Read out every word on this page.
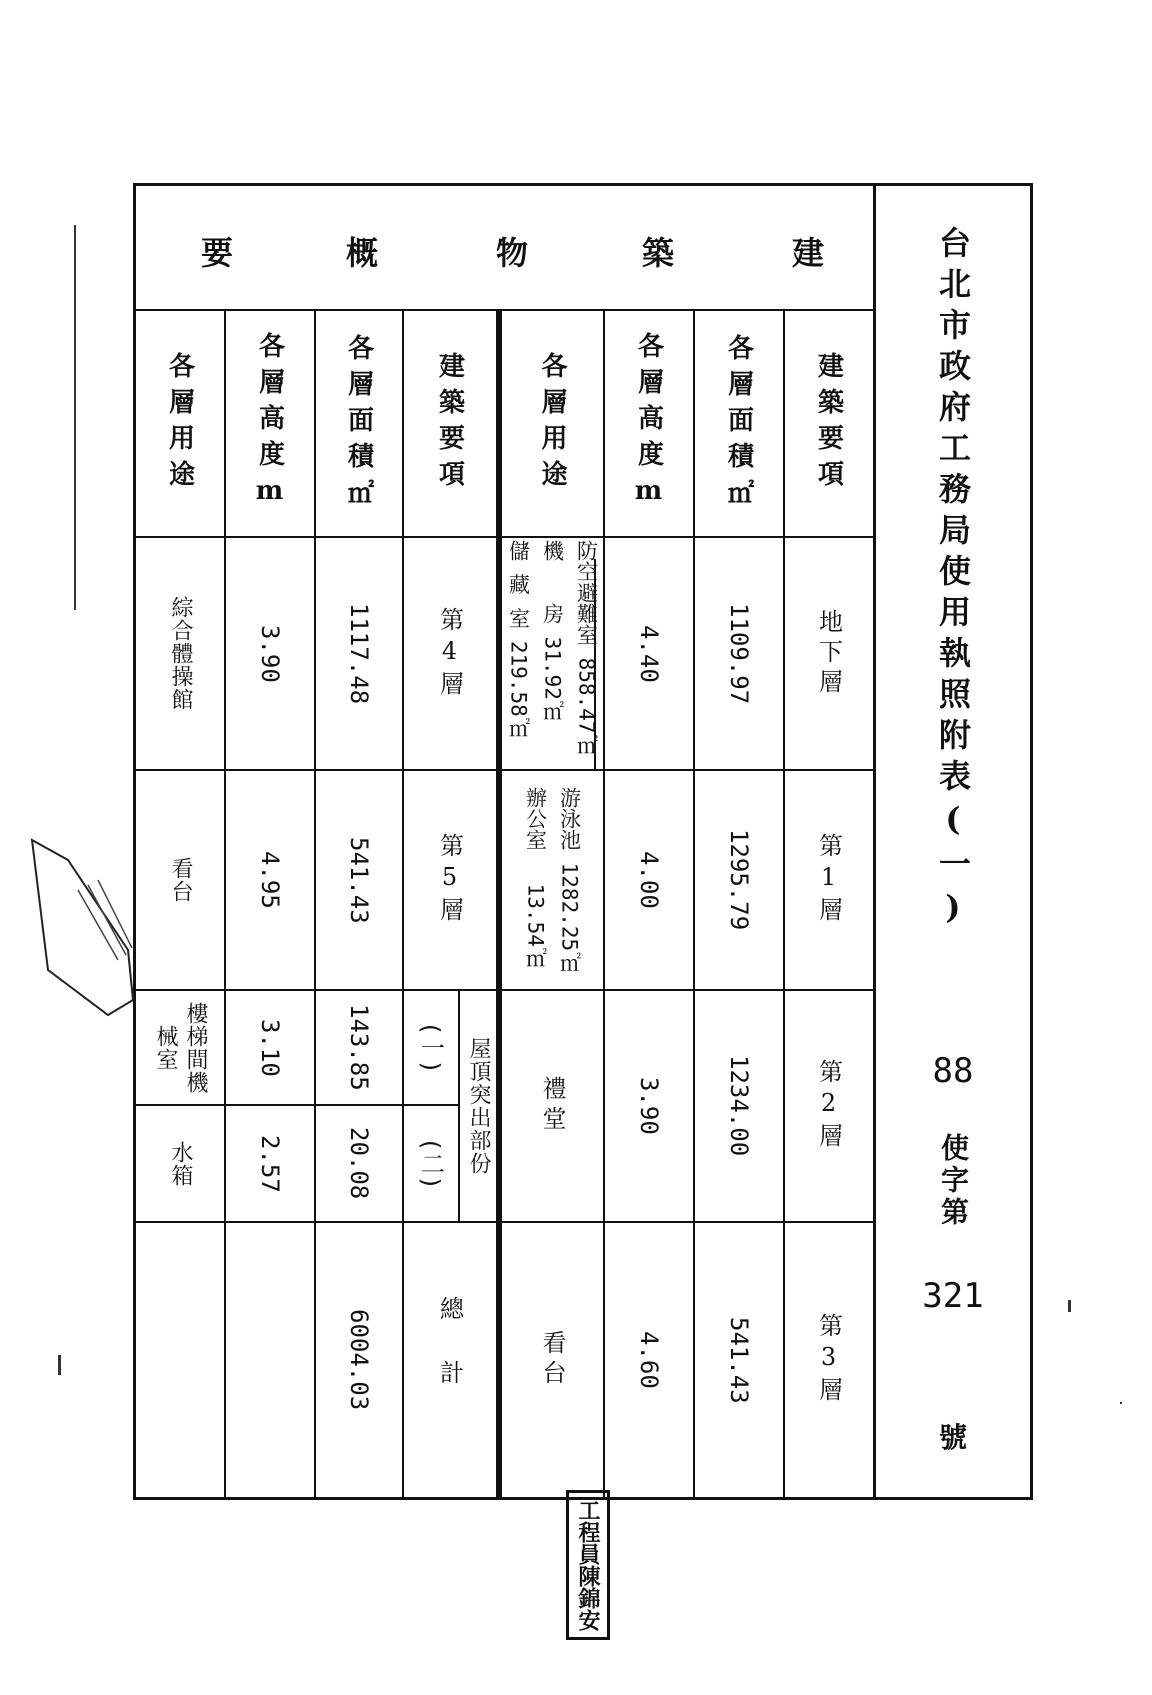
建
築
物
概
要
建築要項
各層面積㎡
各層高度m
各層用途
地下層
1109.97
4.40
防空避難室 858.47㎡
機　　房 31.92㎡
儲 藏 室 219.58㎡
第1層
1295.79
4.00
游泳池 1282.25㎡
辦公室　 13.54㎡
第2層
1234.00
3.90
禮堂
第3層
541.43
4.60
看台
建築要項
各層面積㎡
各層高度m
各層用途
第4層
1117.48
3.90
綜合體操館
第5層
541.43
4.95
看台
屋頂突出部份
(一)
(二)
143.85
20.08
3.10
2.57
樓梯間機械室
水箱
總計
6004.03
台北市政府工務局使用執照附表(一)
88
使字第
321
號
工程員陳錦安
